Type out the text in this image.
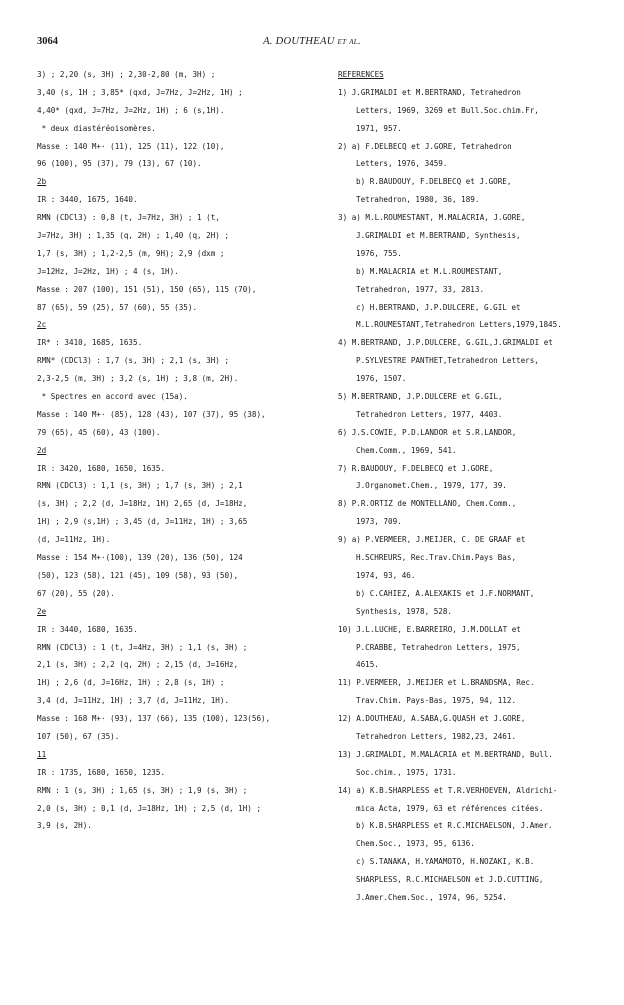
3064	A. DOUTHEAU et al.
3) ; 2,20 (s, 3H) ; 2,30-2,80 (m, 3H) ;
3,40 (s, 1H ; 3,85* (qxd, J=7Hz, J=2Hz, 1H) ;
4,40* (qxd, J=7Hz, J=2Hz, 1H) ; 6 (s,1H).
* deux diastéréoisomères.
Masse : 140 M+· (11), 125 (11), 122 (10),
96 (100), 95 (37), 79 (13), 67 (10).
2b
IR : 3440, 1675, 1640.
RMN (CDCl3) : 0,8 (t, J=7Hz, 3H) ; 1 (t,
J=7Hz, 3H) ; 1,35 (q, 2H) ; 1,40 (q, 2H) ;
1,7 (s, 3H) ; 1,2-2,5 (m, 9H); 2,9 (dxm ;
J=12Hz, J=2Hz, 1H) ; 4 (s, 1H).
Masse : 207 (100), 151 (51), 150 (65), 115 (70),
87 (65), 59 (25), 57 (60), 55 (35).
2c
IR* : 3410, 1685, 1635.
RMN* (CDCl3) : 1,7 (s, 3H) ; 2,1 (s, 3H) ;
2,3-2,5 (m, 3H) ; 3,2 (s, 1H) ; 3,8 (m, 2H).
* Spectres en accord avec (15a).
Masse : 140 M+· (85), 128 (43), 107 (37), 95 (38),
79 (65), 45 (60), 43 (100).
2d
IR : 3420, 1680, 1650, 1635.
RMN (CDCl3) : 1,1 (s, 3H) ; 1,7 (s, 3H) ; 2,1
(s, 3H) ; 2,2 (d, J=18Hz, 1H) 2,65 (d, J=18Hz,
1H) ; 2,9 (s,1H) ; 3,45 (d, J=11Hz, 1H) ; 3,65
(d, J=11Hz, 1H).
Masse : 154 M+·(100), 139 (20), 136 (50), 124
(50), 123 (58), 121 (45), 109 (58), 93 (50),
67 (20), 55 (20).
2e
IR : 3440, 1680, 1635.
RMN (CDCl3) : 1 (t, J=4Hz, 3H) ; 1,1 (s, 3H) ;
2,1 (s, 3H) ; 2,2 (q, 2H) ; 2,15 (d, J=16Hz,
1H) ; 2,6 (d, J=16Hz, 1H) ; 2,8 (s, 1H) ;
3,4 (d, J=11Hz, 1H) ; 3,7 (d, J=11Hz, 1H).
Masse : 168 M+· (93), 137 (66), 135 (100), 123(56),
107 (50), 67 (35).
11
IR : 1735, 1680, 1650, 1235.
RMN : 1 (s, 3H) ; 1,65 (s, 3H) ; 1,9 (s, 3H) ;
2,0 (s, 3H) ; 0,1 (d, J=18Hz, 1H) ; 2,5 (d, 1H) ;
3,9 (s, 2H).
REFERENCES
1) J.GRIMALDI et M.BERTRAND, Tetrahedron
Letters, 1969, 3269 et Bull.Soc.chim.Fr,
1971, 957.
2) a) F.DELBECQ et J.GORE, Tetrahedron
Letters, 1976, 3459.
b) R.BAUDOUY, F.DELBECQ et J.GORE,
Tetrahedron, 1980, 36, 189.
3) a) M.L.ROUMESTANT, M.MALACRIA, J.GORE,
J.GRIMALDI et M.BERTRAND, Synthesis,
1976, 755.
b) M.MALACRIA et M.L.ROUMESTANT,
Tetrahedron, 1977, 33, 2813.
c) H.BERTRAND, J.P.DULCERE, G.GIL et
M.L.ROUMESTANT,Tetrahedron Letters,1979,1845.
4) M.BERTRAND, J.P.DULCERE, G.GIL,J.GRIMALDI et
P.SYLVESTRE PANTHET,Tetrahedron Letters,
1976, 1507.
5) M.BERTRAND, J.P.DULCERE et G.GIL,
Tetrahedron Letters, 1977, 4403.
6) J.S.COWIE, P.D.LANDOR et S.R.LANDOR,
Chem.Comm., 1969, 541.
7) R.BAUDOUY, F.DELBECQ et J.GORE,
J.Organomet.Chem., 1979, 177, 39.
8) P.R.ORTIZ de MONTELLANO, Chem.Comm.,
1973, 709.
9) a) P.VERMEER, J.MEIJER, C. DE GRAAF et
H.SCHREURS, Rec.Trav.Chim.Pays Bas,
1974, 93, 46.
b) C.CAHIEZ, A.ALEXAKIS et J.F.NORMANT,
Synthesis, 1978, 528.
10) J.L.LUCHE, E.BARREIRO, J.M.DOLLAT et
P.CRABBE, Tetrahedron Letters, 1975,
4615.
11) P.VERMEER, J.MEIJER et L.BRANDSMA, Rec.
Trav.Chim. Pays-Bas, 1975, 94, 112.
12) A.DOUTHEAU, A.SABA,G.QUASH et J.GORE,
Tetrahedron Letters, 1982,23, 2461.
13) J.GRIMALDI, M.MALACRIA et M.BERTRAND, Bull.
Soc.chim., 1975, 1731.
14) a) K.B.SHARPLESS et T.R.VERHOEVEN, Aldrichi-
mica Acta, 1979, 63 et références citées.
b) K.B.SHARPLESS et R.C.MICHAELSON, J.Amer.
Chem.Soc., 1973, 95, 6136.
c) S.TANAKA, H.YAMAMOTO, H.NOZAKI, K.B.
SHARPLESS, R.C.MICHAELSON et J.D.CUTTING,
J.Amer.Chem.Soc., 1974, 96, 5254.
